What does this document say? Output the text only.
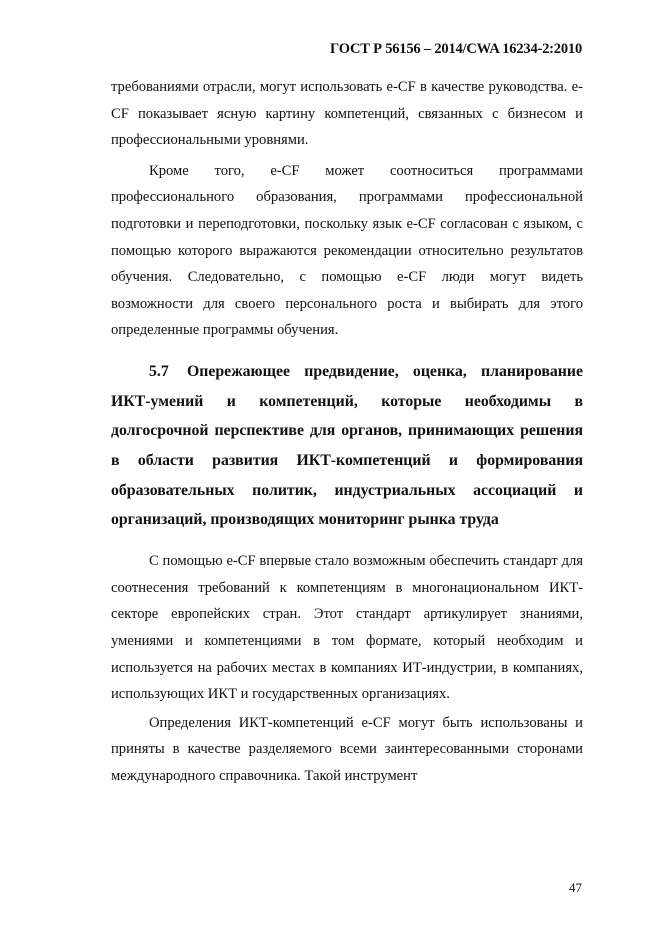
ГОСТ Р 56156 – 2014/CWA 16234-2:2010

требованиями отрасли, могут использовать e-CF в качестве руководства. e-CF показывает ясную картину компетенций, связанных с бизнесом и профессиональными уровнями.

Кроме того, e-CF может соотноситься программами профессионального образования, программами профессиональной подготовки и переподготовки, поскольку язык e-CF согласован с языком, с помощью которого выражаются рекомендации относительно результатов обучения. Следовательно, с помощью e-CF люди могут видеть возможности для своего персонального роста и выбирать для этого определенные программы обучения.

5.7 Опережающее предвидение, оценка, планирование ИКТ-умений и компетенций, которые необходимы в долгосрочной перспективе для органов, принимающих решения в области развития ИКТ-компетенций и формирования образовательных политик, индустриальных ассоциаций и организаций, производящих мониторинг рынка труда

С помощью e-CF впервые стало возможным обеспечить стандарт для соотнесения требований к компетенциям в многонациональном ИКТ-секторе европейских стран. Этот стандарт артикулирует знаниями, умениями и компетенциями в том формате, который необходим и используется на рабочих местах в компаниях ИТ-индустрии, в компаниях, использующих ИКТ и государственных организациях.

Определения ИКТ-компетенций e-CF могут быть использованы и приняты в качестве разделяемого всеми заинтересованными сторонами международного справочника. Такой инструмент

47
